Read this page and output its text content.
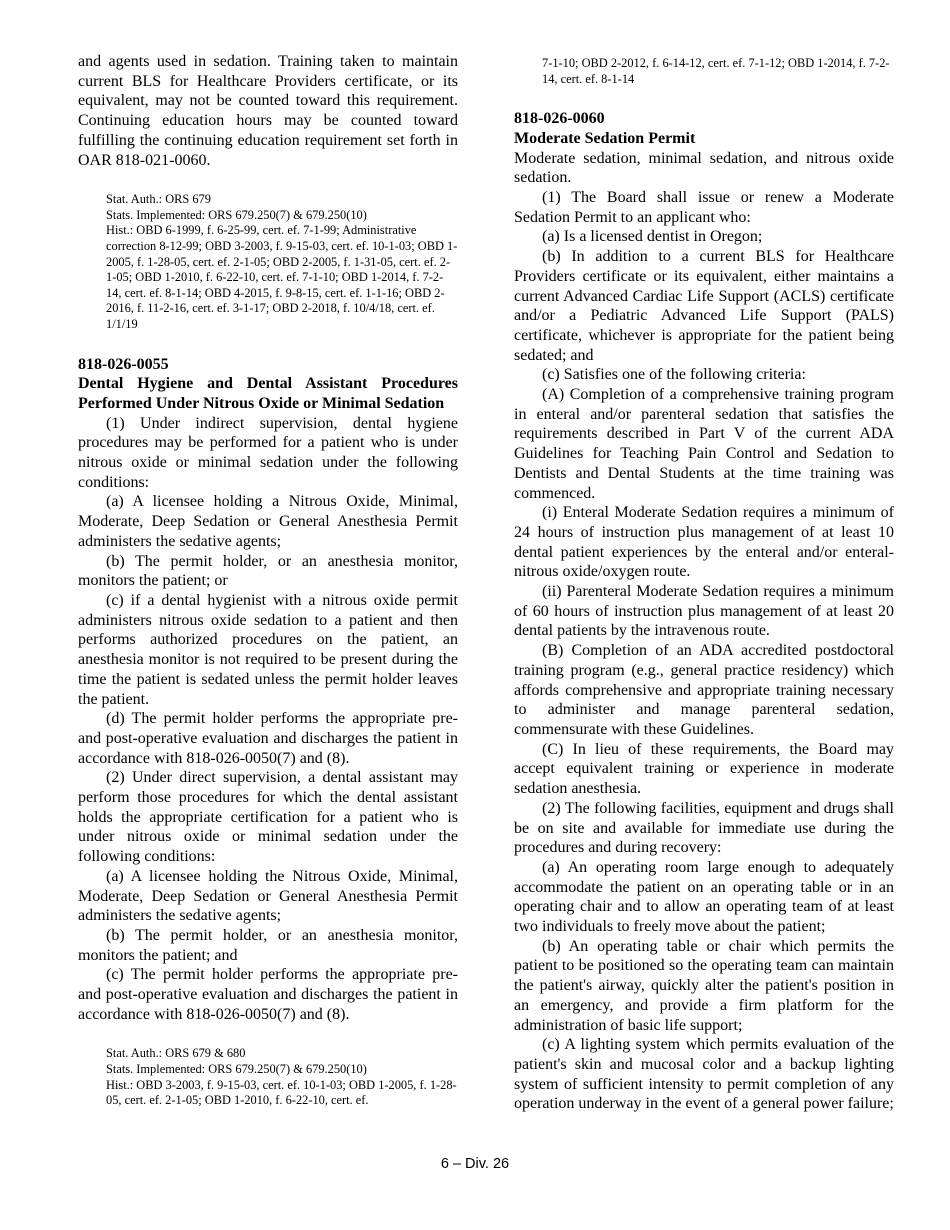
and agents used in sedation. Training taken to maintain current BLS for Healthcare Providers certificate, or its equivalent, may not be counted toward this requirement. Continuing education hours may be counted toward fulfilling the continuing education requirement set forth in OAR 818-021-0060.

Stat. Auth.: ORS 679
Stats. Implemented: ORS 679.250(7) & 679.250(10)
Hist.: OBD 6-1999, f. 6-25-99, cert. ef. 7-1-99; Administrative correction 8-12-99; OBD 3-2003, f. 9-15-03, cert. ef. 10-1-03; OBD 1-2005, f. 1-28-05, cert. ef. 2-1-05; OBD 2-2005, f. 1-31-05, cert. ef. 2-1-05; OBD 1-2010, f. 6-22-10, cert. ef. 7-1-10; OBD 1-2014, f. 7-2-14, cert. ef. 8-1-14; OBD 4-2015, f. 9-8-15, cert. ef. 1-1-16; OBD 2-2016, f. 11-2-16, cert. ef. 3-1-17; OBD 2-2018, f. 10/4/18, cert. ef. 1/1/19

818-026-0055

Dental Hygiene and Dental Assistant Procedures Performed Under Nitrous Oxide or Minimal Sedation

(1) Under indirect supervision, dental hygiene procedures may be performed for a patient who is under nitrous oxide or minimal sedation under the following conditions:

(a) A licensee holding a Nitrous Oxide, Minimal, Moderate, Deep Sedation or General Anesthesia Permit administers the sedative agents;

(b) The permit holder, or an anesthesia monitor, monitors the patient; or

(c) if a dental hygienist with a nitrous oxide permit administers nitrous oxide sedation to a patient and then performs authorized procedures on the patient, an anesthesia monitor is not required to be present during the time the patient is sedated unless the permit holder leaves the patient.

(d) The permit holder performs the appropriate pre- and post-operative evaluation and discharges the patient in accordance with 818-026-0050(7) and (8).

(2) Under direct supervision, a dental assistant may perform those procedures for which the dental assistant holds the appropriate certification for a patient who is under nitrous oxide or minimal sedation under the following conditions:

(a) A licensee holding the Nitrous Oxide, Minimal, Moderate, Deep Sedation or General Anesthesia Permit administers the sedative agents;

(b) The permit holder, or an anesthesia monitor, monitors the patient; and

(c) The permit holder performs the appropriate pre- and post-operative evaluation and discharges the patient in accordance with 818-026-0050(7) and (8).

Stat. Auth.: ORS 679 & 680
Stats. Implemented: ORS 679.250(7) & 679.250(10)
Hist.: OBD 3-2003, f. 9-15-03, cert. ef. 10-1-03; OBD 1-2005, f. 1-28-05, cert. ef. 2-1-05; OBD 1-2010, f. 6-22-10, cert. ef.
7-1-10; OBD 2-2012, f. 6-14-12, cert. ef. 7-1-12; OBD 1-2014, f. 7-2-14, cert. ef. 8-1-14

818-026-0060

Moderate Sedation Permit

Moderate sedation, minimal sedation, and nitrous oxide sedation.

(1) The Board shall issue or renew a Moderate Sedation Permit to an applicant who:

(a) Is a licensed dentist in Oregon;

(b) In addition to a current BLS for Healthcare Providers certificate or its equivalent, either maintains a current Advanced Cardiac Life Support (ACLS) certificate and/or a Pediatric Advanced Life Support (PALS) certificate, whichever is appropriate for the patient being sedated; and

(c) Satisfies one of the following criteria:

(A) Completion of a comprehensive training program in enteral and/or parenteral sedation that satisfies the requirements described in Part V of the current ADA Guidelines for Teaching Pain Control and Sedation to Dentists and Dental Students at the time training was commenced.

(i) Enteral Moderate Sedation requires a minimum of 24 hours of instruction plus management of at least 10 dental patient experiences by the enteral and/or enteral-nitrous oxide/oxygen route.

(ii) Parenteral Moderate Sedation requires a minimum of 60 hours of instruction plus management of at least 20 dental patients by the intravenous route.

(B) Completion of an ADA accredited postdoctoral training program (e.g., general practice residency) which affords comprehensive and appropriate training necessary to administer and manage parenteral sedation, commensurate with these Guidelines.

(C) In lieu of these requirements, the Board may accept equivalent training or experience in moderate sedation anesthesia.

(2) The following facilities, equipment and drugs shall be on site and available for immediate use during the procedures and during recovery:

(a) An operating room large enough to adequately accommodate the patient on an operating table or in an operating chair and to allow an operating team of at least two individuals to freely move about the patient;

(b) An operating table or chair which permits the patient to be positioned so the operating team can maintain the patient's airway, quickly alter the patient's position in an emergency, and provide a firm platform for the administration of basic life support;

(c) A lighting system which permits evaluation of the patient's skin and mucosal color and a backup lighting system of sufficient intensity to permit completion of any operation underway in the event of a general power failure;

6 – Div. 26
